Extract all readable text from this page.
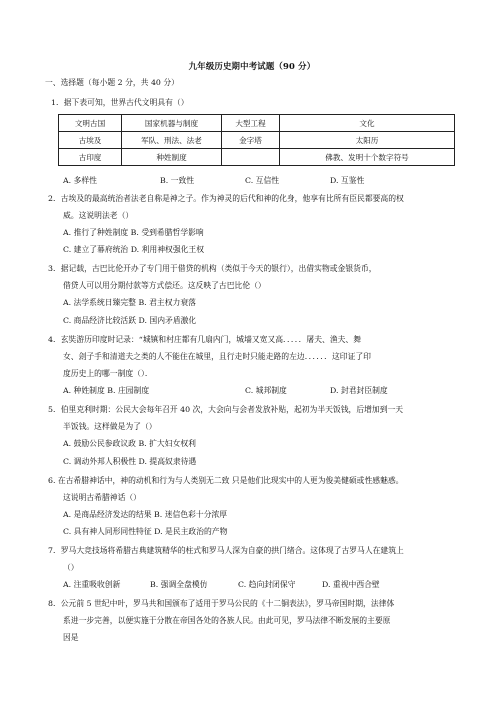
九年级历史期中考试题（90 分）
一、选择题（每小题 2 分，共 40 分）
1．据下表可知，世界古代文明具有（）
文明古国	国家机器与制度	大型工程	文化
古埃及	军队、刑法、法老	金字塔	太阳历
古印度	种姓制度		佛教、发明十个数字符号
A. 多样性	B. 一致性	C. 互信性	D. 互鉴性
2．古埃及的最高统治者法老自称是神之子。作为神灵的后代和神的化身，他享有比所有臣民都要高的权
威。这说明法老（）
A. 推行了种姓制度 B. 受到希腊哲学影响
C. 建立了幕府统治 D. 利用神权强化王权
3．据记载，古巴比伦开办了专门用于借贷的机构（类似于今天的银行），出借实物或金银货币，
借贷人可以用分期付款等方式偿还。这反映了古巴比伦（）
A. 法学系统日臻完整 B. 君主权力衰落
C. 商品经济比较活跃 D. 国内矛盾激化
4．玄奘游历印度时记录：“城镇和村庄都有几扇内门，城墙又宽又高．．．．．屠夫、渔夫、舞
女、刽子手和清道夫之类的人不能住在城里，且行走时只能走路的左边．．．．．．这印证了印
度历史上的哪一制度（）．
A. 种姓制度 B. 庄园制度	C. 城邦制度	D. 封君封臣制度
5．伯里克利时期：公民大会每年召开 40 次，大会向与会者发放补贴，起初为半天饭钱，后增加到一天
半饭钱。这样做是为了（）
A. 鼓励公民参政议政 B. 扩大妇女权利
C. 调动外邦人积极性 D. 提高奴隶待遇
6. 在古希腊神话中，神的动机和行为与人类别无二致 只是他们比现实中的人更为俊美健硕或性感魅惑。
这说明古希腊神话（）
A. 是商品经济发达的结果 B. 迷信色彩十分浓厚
C. 具有神人同形同性特征 D. 是民主政治的产物
7．罗马大竞技场将希腊古典建筑精华的柱式和罗马人深为自豪的拱门绪合。这体现了古罗马人在建筑上
（）
A. 注重吸收创新	B. 强调全盘模仿	C. 趋向封闭保守	D. 重视中西合壁
8．公元前 5 世纪中叶，罗马共和国颁布了适用于罗马公民的《十二铜表法》，罗马帝国时期，法律体
系进一步完善，以便实施于分散在帝国各处的各族人民。由此可见，罗马法律不断发展的主要原
因是
